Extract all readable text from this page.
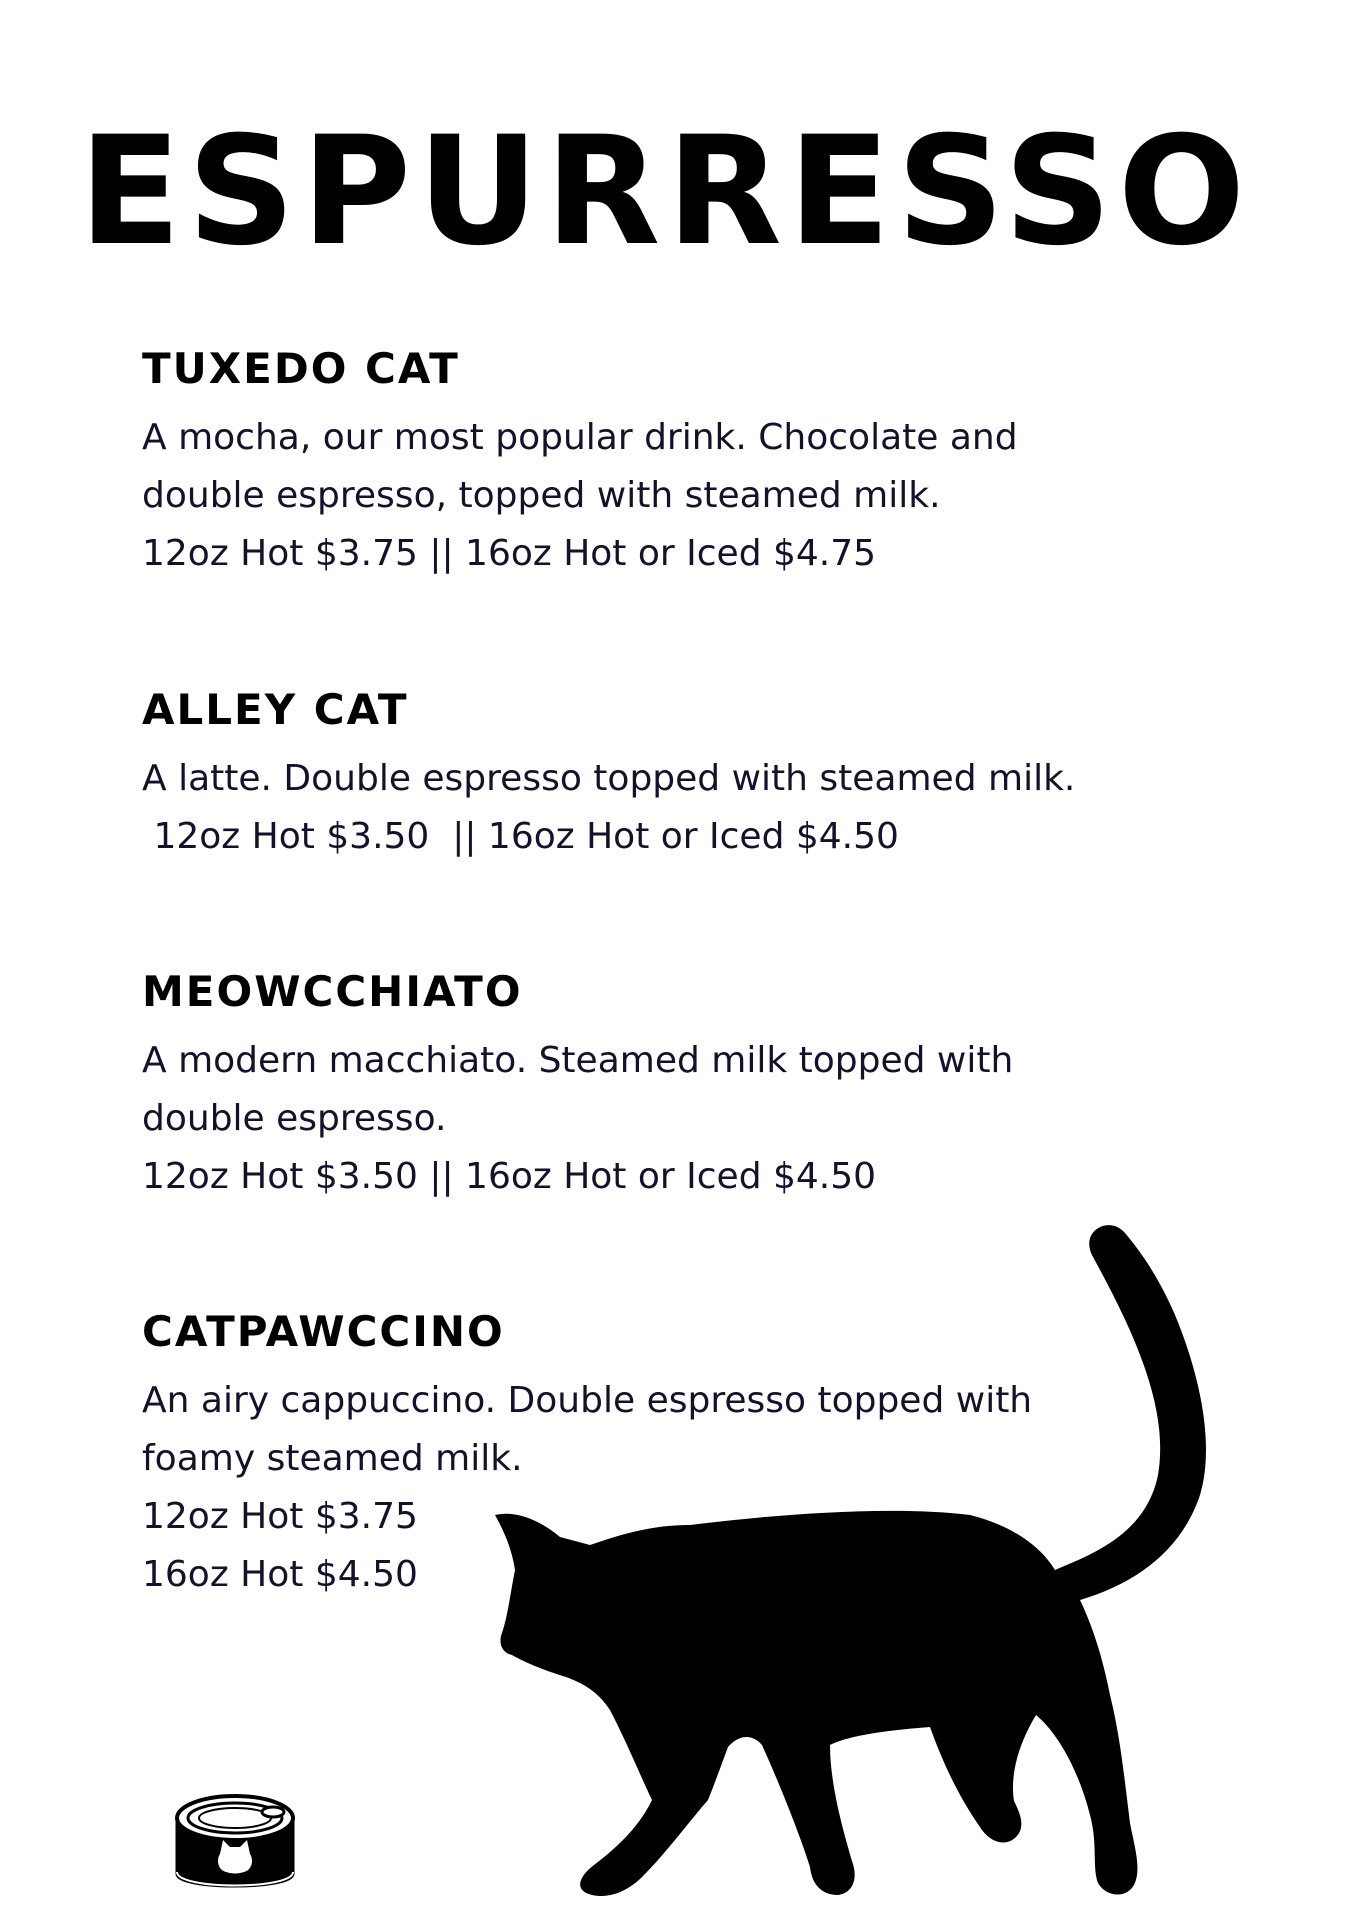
ESPURRESSO
TUXEDO CAT

A mocha, our most popular drink. Chocolate and double espresso, topped with steamed milk.

12oz Hot $3.75 || 16oz Hot or Iced $4.75

ALLEY CAT

A latte. Double espresso topped with steamed milk.

12oz Hot $3.50  || 16oz Hot or Iced $4.50

MEOWCCHIATO

A modern macchiato. Steamed milk topped with double espresso.

12oz Hot $3.50 || 16oz Hot or Iced $4.50

CATPAWCCINO

An airy cappuccino. Double espresso topped with foamy steamed milk.

12oz Hot $3.75

16oz Hot $4.50
